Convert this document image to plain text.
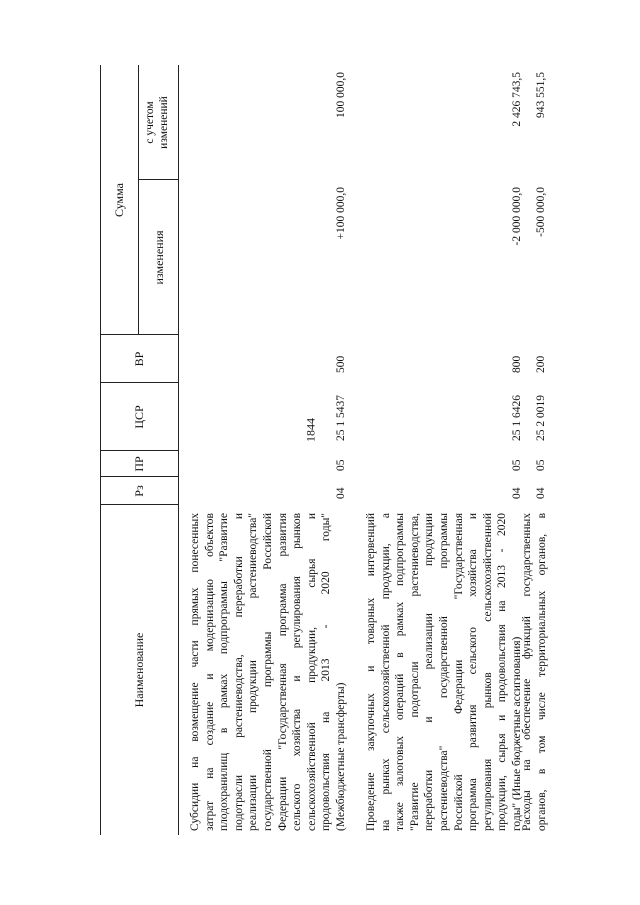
1844
Наименование
Рз
ПР
ЦСР
ВР
Сумма
изменения
с учетом изменений
Субсидии на возмещение части прямых понесенных затрат на создание и модернизацию объектов плодохранилищ в рамках подпрограммы "Развитие подотрасли растениеводства, переработки и реализации продукции растениеводства" государственной программы Российской Федерации "Государственная программа развития сельского хозяйства и регулирования рынков сельскохозяйственной продукции, сырья и продовольствия на 2013 - 2020 годы" (Межбюджетные трансферты)
04
05
25 1 5437
500
+100 000,0
100 000,0
Проведение закупочных и товарных интервенций на рынках сельскохозяйственной продукции, а также залоговых операций в рамках подпрограммы "Развитие подотрасли растениеводства, переработки и реализации продукции растениеводства" государственной программы Российской Федерации "Государственная программа развития сельского хозяйства и регулирования рынков сельскохозяйственной продукции, сырья и продовольствия на 2013 - 2020 годы" (Иные бюджетные ассигнования)
04
05
25 1 6426
800
-2 000 000,0
2 426 743,5
Расходы на обеспечение функций государственных органов, в том числе территориальных органов, в
04
05
25 2 0019
200
-500 000,0
943 551,5
